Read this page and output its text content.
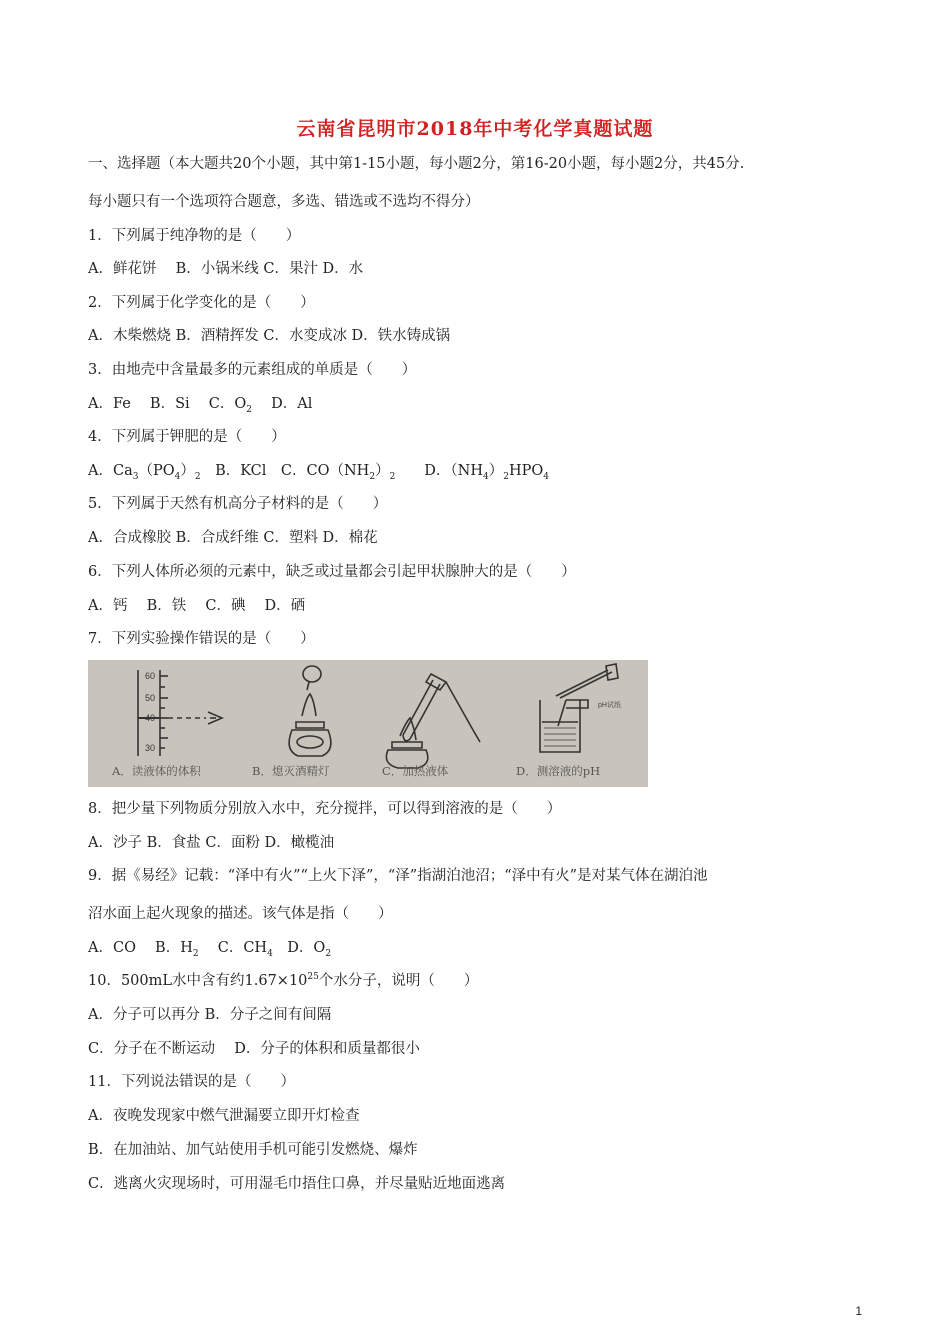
云南省昆明市2018年中考化学真题试题
一、选择题（本大题共20个小题，其中第1-15小题，每小题2分，第16-20小题，每小题2分，共45分.
每小题只有一个选项符合题意，多选、错选或不选均不得分）
1．下列属于纯净物的是（　　）
A．鲜花饼　 B．小锅米线 C．果汁 D．水
2．下列属于化学变化的是（　　）
A．木柴燃烧 B．酒精挥发 C．水变成冰 D．铁水铸成锅
3．由地壳中含量最多的元素组成的单质是（　　）
A．Fe　 B．Si　 C．$O_2$　 D．Al
4．下列属于钾肥的是（　　）
A．$Ca_3(PO_4)_2$　B．KCl　C．$CO(NH_2)_2$　　D．$(NH_4)_2HPO_4$
5．下列属于天然有机高分子材料的是（　　）
A．合成橡胶 B．合成纤维 C．塑料 D．棉花
6．下列人体所必须的元素中，缺乏或过量都会引起甲状腺肿大的是（　　）
A．钙　 B．铁　 C．碘　 D．硒
7．下列实验操作错误的是（　　）
60
50
40
30
pH试纸
A．读液体的体积	B．熄灭酒精灯	C．加热液体	D．测溶液的pH
8．把少量下列物质分别放入水中，充分搅拌，可以得到溶液的是（　　）
A．沙子 B．食盐 C．面粉 D．橄榄油
9．据《易经》记载：“泽中有火”“上火下泽”，“泽”指湖泊池沼；“泽中有火”是对某气体在湖泊池
沼水面上起火现象的描述。该气体是指（　　）
A．CO　 B．$H_2$　 C．$CH_4$　D．$O_2$
10．500mL水中含有约$1.67\times 10^{25}$个水分子，说明（　　）
A．分子可以再分 B．分子之间有间隔
C．分子在不断运动　 D．分子的体积和质量都很小
11．下列说法错误的是（　　）
A．夜晚发现家中燃气泄漏要立即开灯检查
B．在加油站、加气站使用手机可能引发燃烧、爆炸
C．逃离火灾现场时，可用湿毛巾捂住口鼻，并尽量贴近地面逃离
1
